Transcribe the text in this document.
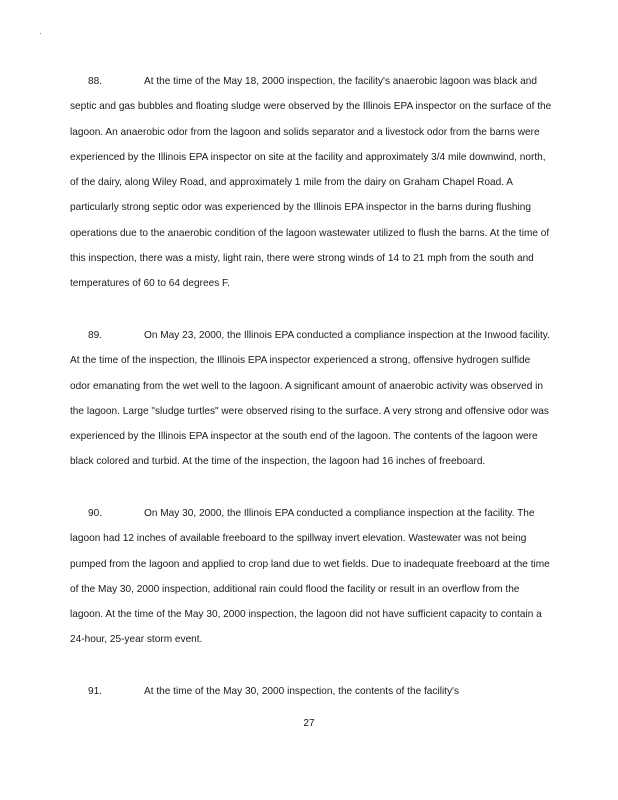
88.	At the time of the May 18, 2000 inspection, the facility's anaerobic lagoon was black and septic and gas bubbles and floating sludge were observed by the Illinois EPA inspector on the surface of the lagoon. An anaerobic odor from the lagoon and solids separator and a livestock odor from the barns were experienced by the Illinois EPA inspector on site at the facility and approximately 3/4 mile downwind, north, of the dairy, along Wiley Road, and approximately 1 mile from the dairy on Graham Chapel Road. A particularly strong septic odor was experienced by the Illinois EPA inspector in the barns during flushing operations due to the anaerobic condition of the lagoon wastewater utilized to flush the barns. At the time of this inspection, there was a misty, light rain, there were strong winds of 14 to 21 mph from the south and temperatures of 60 to 64 degrees F.

89.	On May 23, 2000, the Illinois EPA conducted a compliance inspection at the Inwood facility. At the time of the inspection, the Illinois EPA inspector experienced a strong, offensive hydrogen sulfide odor emanating from the wet well to the lagoon. A significant amount of anaerobic activity was observed in the lagoon. Large "sludge turtles" were observed rising to the surface. A very strong and offensive odor was experienced by the Illinois EPA inspector at the south end of the lagoon. The contents of the lagoon were black colored and turbid. At the time of the inspection, the lagoon had 16 inches of freeboard.

90.	On May 30, 2000, the Illinois EPA conducted a compliance inspection at the facility. The lagoon had 12 inches of available freeboard to the spillway invert elevation. Wastewater was not being pumped from the lagoon and applied to crop land due to wet fields. Due to inadequate freeboard at the time of the May 30, 2000 inspection, additional rain could flood the facility or result in an overflow from the lagoon. At the time of the May 30, 2000 inspection, the lagoon did not have sufficient capacity to contain a 24-hour, 25-year storm event.

91.	At the time of the May 30, 2000 inspection, the contents of the facility's

27
